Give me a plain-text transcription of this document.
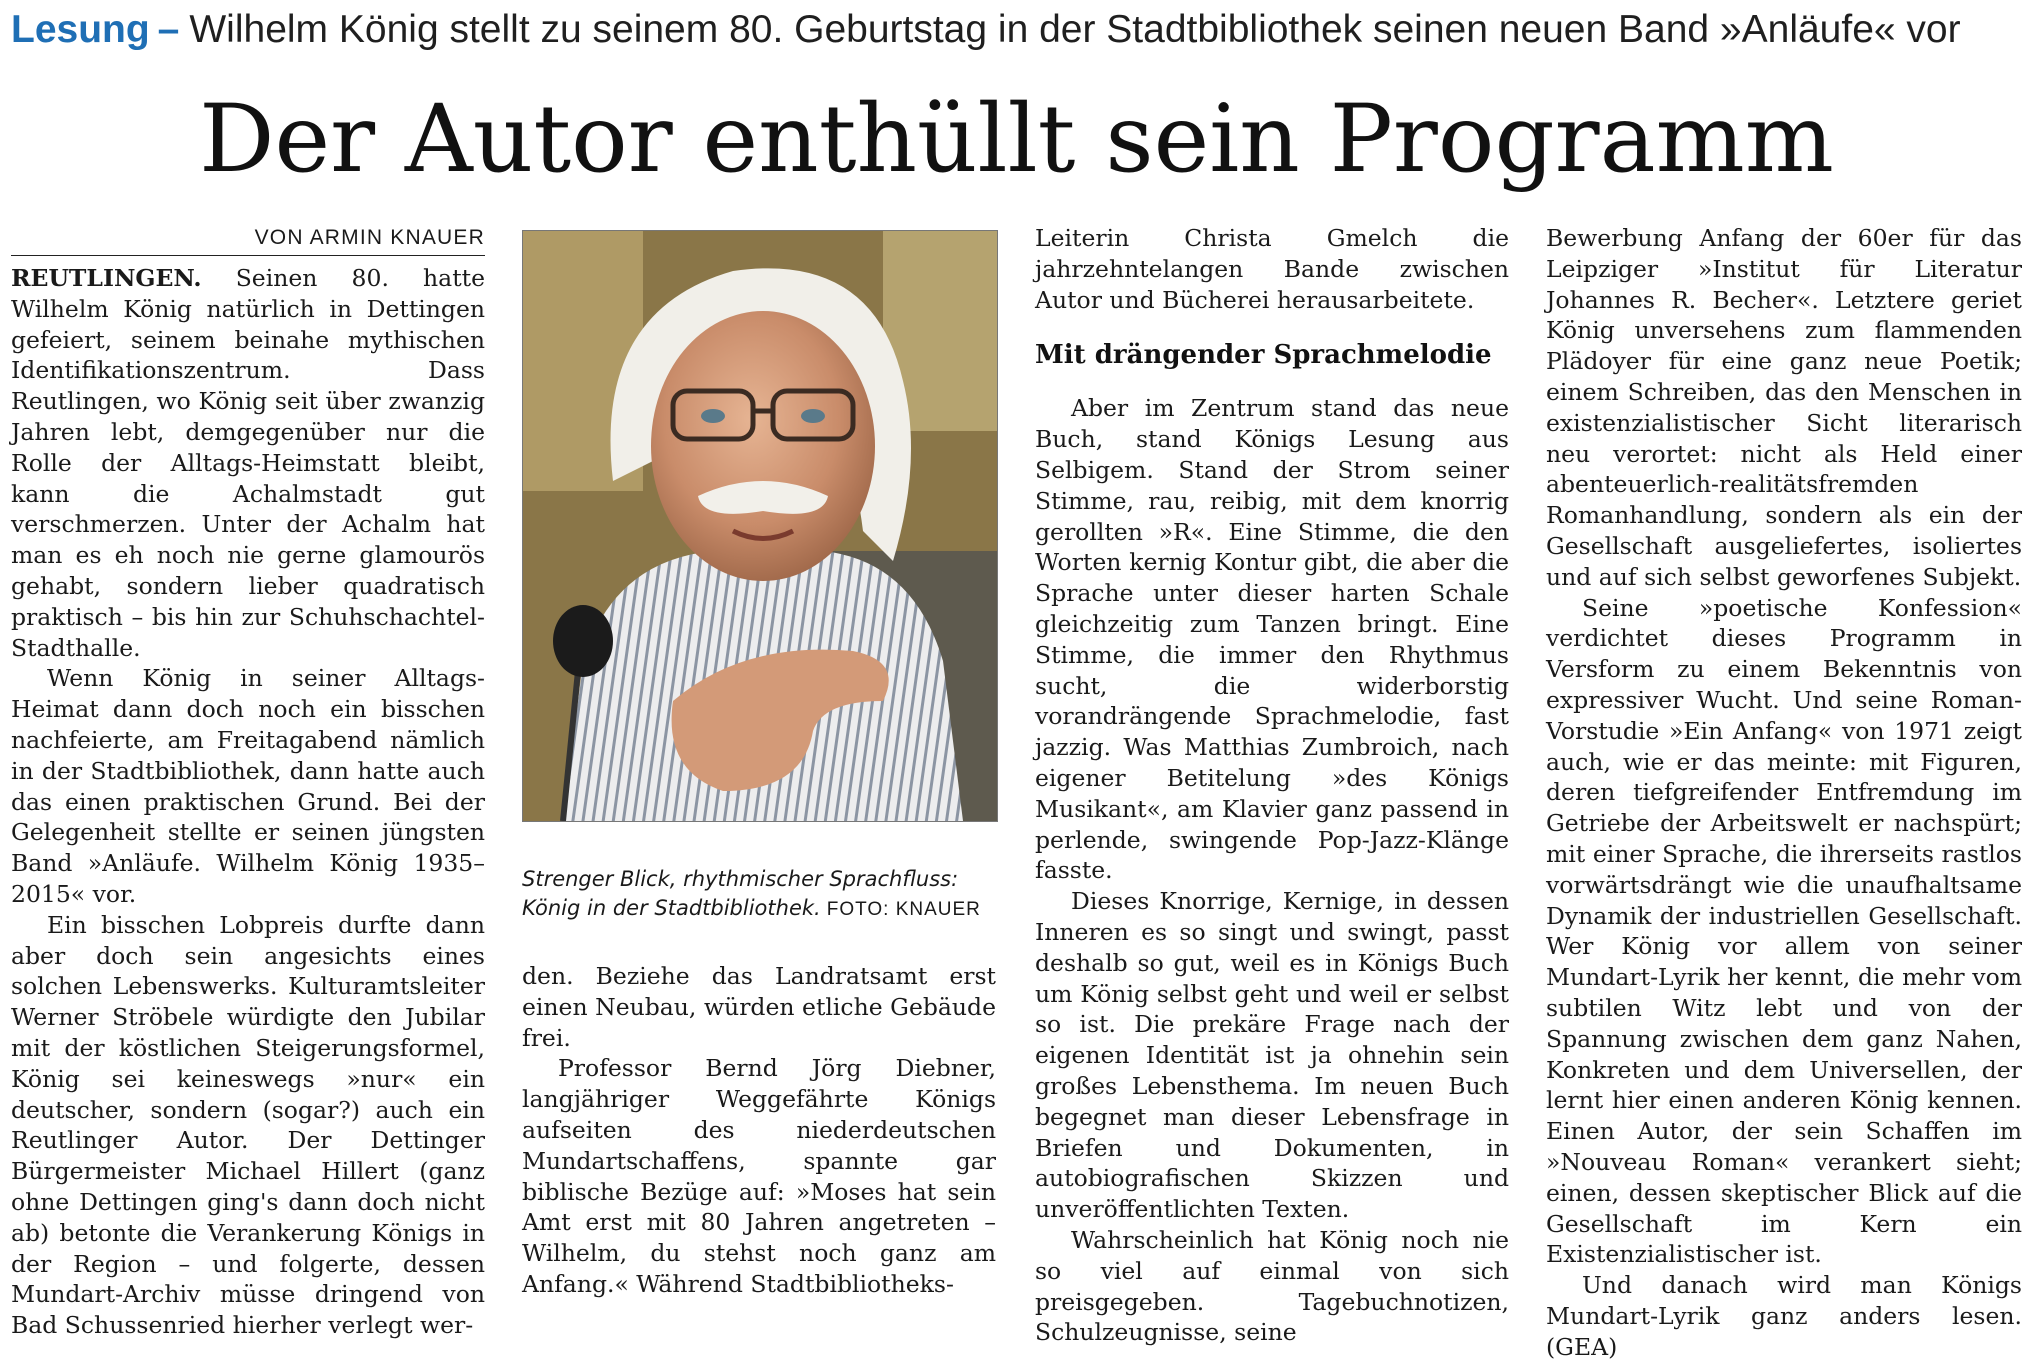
Lesung – Wilhelm König stellt zu seinem 80. Geburtstag in der Stadtbibliothek seinen neuen Band »Anläufe« vor
Der Autor enthüllt sein Programm
VON ARMIN KNAUER

REUTLINGEN. Seinen 80. hatte Wilhelm König natürlich in Dettingen gefeiert, seinem beinahe mythischen Identifikationszentrum. Dass Reutlingen, wo König seit über zwanzig Jahren lebt, demgegenüber nur die Rolle der Alltags-Heimstatt bleibt, kann die Achalmstadt gut verschmerzen. Unter der Achalm hat man es eh noch nie gerne glamourös gehabt, sondern lieber quadratisch praktisch – bis hin zur Schuhschachtel-Stadthalle.

Wenn König in seiner Alltags-Heimat dann doch noch ein bisschen nachfeierte, am Freitagabend nämlich in der Stadtbibliothek, dann hatte auch das einen praktischen Grund. Bei der Gelegenheit stellte er seinen jüngsten Band »Anläufe. Wilhelm König 1935–2015« vor.

Ein bisschen Lobpreis durfte dann aber doch sein angesichts eines solchen Lebenswerks. Kulturamtsleiter Werner Ströbele würdigte den Jubilar mit der köstlichen Steigerungsformel, König sei keineswegs »nur« ein deutscher, sondern (sogar?) auch ein Reutlinger Autor. Der Dettinger Bürgermeister Michael Hillert (ganz ohne Dettingen ging's dann doch nicht ab) betonte die Verankerung Königs in der Region – und folgerte, dessen Mundart-Archiv müsse dringend von Bad Schussenried hierher verlegt wer-

Strenger Blick, rhythmischer Sprachfluss: König in der Stadtbibliothek. FOTO: KNAUER

den. Beziehe das Landratsamt erst einen Neubau, würden etliche Gebäude frei.

Professor Bernd Jörg Diebner, langjähriger Weggefährte Königs aufseiten des niederdeutschen Mundartschaffens, spannte gar biblische Bezüge auf: »Moses hat sein Amt erst mit 80 Jahren angetreten – Wilhelm, du stehst noch ganz am Anfang.« Während Stadtbibliotheks-

Leiterin Christa Gmelch die jahrzehntelangen Bande zwischen Autor und Bücherei herausarbeitete.

Mit drängender Sprachmelodie

Aber im Zentrum stand das neue Buch, stand Königs Lesung aus Selbigem. Stand der Strom seiner Stimme, rau, reibig, mit dem knorrig gerollten »R«. Eine Stimme, die den Worten kernig Kontur gibt, die aber die Sprache unter dieser harten Schale gleichzeitig zum Tanzen bringt. Eine Stimme, die immer den Rhythmus sucht, die widerborstig vorandrängende Sprachmelodie, fast jazzig. Was Matthias Zumbroich, nach eigener Betitelung »des Königs Musikant«, am Klavier ganz passend in perlende, swingende Pop-Jazz-Klänge fasste.

Dieses Knorrige, Kernige, in dessen Inneren es so singt und swingt, passt deshalb so gut, weil es in Königs Buch um König selbst geht und weil er selbst so ist. Die prekäre Frage nach der eigenen Identität ist ja ohnehin sein großes Lebensthema. Im neuen Buch begegnet man dieser Lebensfrage in Briefen und Dokumenten, in autobiografischen Skizzen und unveröffentlichten Texten.

Wahrscheinlich hat König noch nie so viel auf einmal von sich preisgegeben. Tagebuchnotizen, Schulzeugnisse, seine

Bewerbung Anfang der 60er für das Leipziger »Institut für Literatur Johannes R. Becher«. Letztere geriet König unversehens zum flammenden Plädoyer für eine ganz neue Poetik; einem Schreiben, das den Menschen in existenzialistischer Sicht literarisch neu verortet: nicht als Held einer abenteuerlich-realitätsfremden Romanhandlung, sondern als ein der Gesellschaft ausgeliefertes, isoliertes und auf sich selbst geworfenes Subjekt.

Seine »poetische Konfession« verdichtet dieses Programm in Versform zu einem Bekenntnis von expressiver Wucht. Und seine Roman-Vorstudie »Ein Anfang« von 1971 zeigt auch, wie er das meinte: mit Figuren, deren tiefgreifender Entfremdung im Getriebe der Arbeitswelt er nachspürt; mit einer Sprache, die ihrerseits rastlos vorwärtsdrängt wie die unaufhaltsame Dynamik der industriellen Gesellschaft. Wer König vor allem von seiner Mundart-Lyrik her kennt, die mehr vom subtilen Witz lebt und von der Spannung zwischen dem ganz Nahen, Konkreten und dem Universellen, der lernt hier einen anderen König kennen. Einen Autor, der sein Schaffen im »Nouveau Roman« verankert sieht; einen, dessen skeptischer Blick auf die Gesellschaft im Kern ein Existenzialistischer ist.

Und danach wird man Königs Mundart-Lyrik ganz anders lesen. (GEA)
